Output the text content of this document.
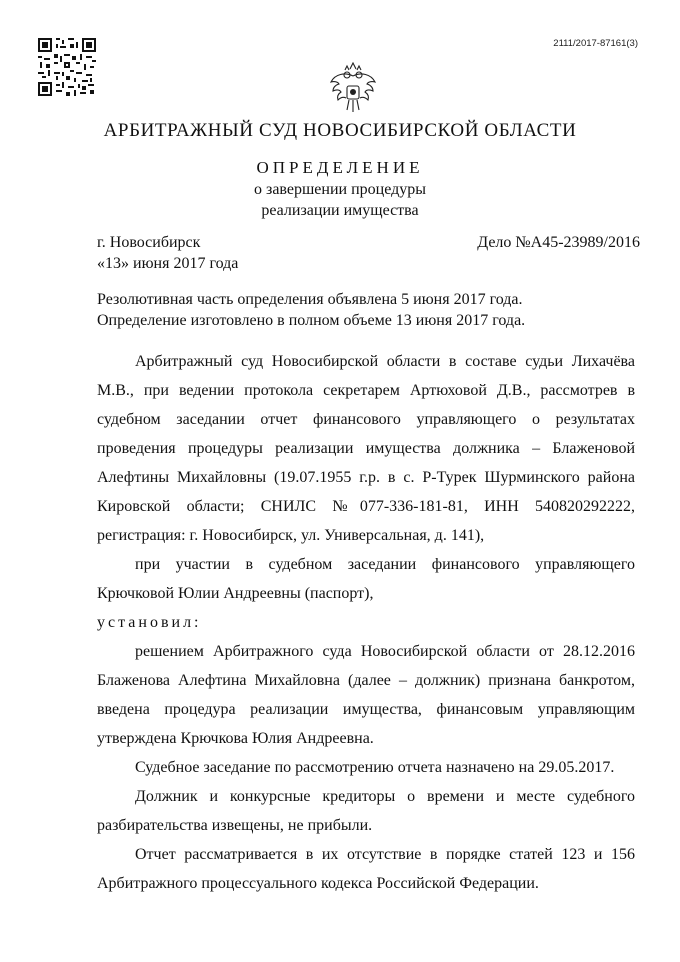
2111/2017-87161(3)
АРБИТРАЖНЫЙ СУД НОВОСИБИРСКОЙ ОБЛАСТИ
ОПРЕДЕЛЕНИЕ
о завершении процедуры
реализации имущества
г. Новосибирск
«13» июня 2017 года
Дело №А45-23989/2016
Резолютивная часть определения объявлена 5 июня 2017 года.
Определение изготовлено в полном объеме 13 июня 2017 года.

Арбитражный суд Новосибирской области в составе судьи Лихачёва М.В., при ведении протокола секретарем Артюховой Д.В., рассмотрев в судебном заседании отчет финансового управляющего о результатах проведения процедуры реализации имущества должника – Блаженовой Алефтины Михайловны (19.07.1955 г.р. в с. Р-Турек Шурминского района Кировской области; СНИЛС №077-336-181-81, ИНН 540820292222, регистрация: г. Новосибирск, ул. Универсальная, д. 141),

при участии в судебном заседании финансового управляющего Крючковой Юлии Андреевны (паспорт),

установил:

решением Арбитражного суда Новосибирской области от 28.12.2016 Блаженова Алефтина Михайловна (далее – должник) признана банкротом, введена процедура реализации имущества, финансовым управляющим утверждена Крючкова Юлия Андреевна.

Судебное заседание по рассмотрению отчета назначено на 29.05.2017.

Должник и конкурсные кредиторы о времени и месте судебного разбирательства извещены, не прибыли.

Отчет рассматривается в их отсутствие в порядке статей 123 и 156 Арбитражного процессуального кодекса Российской Федерации.
